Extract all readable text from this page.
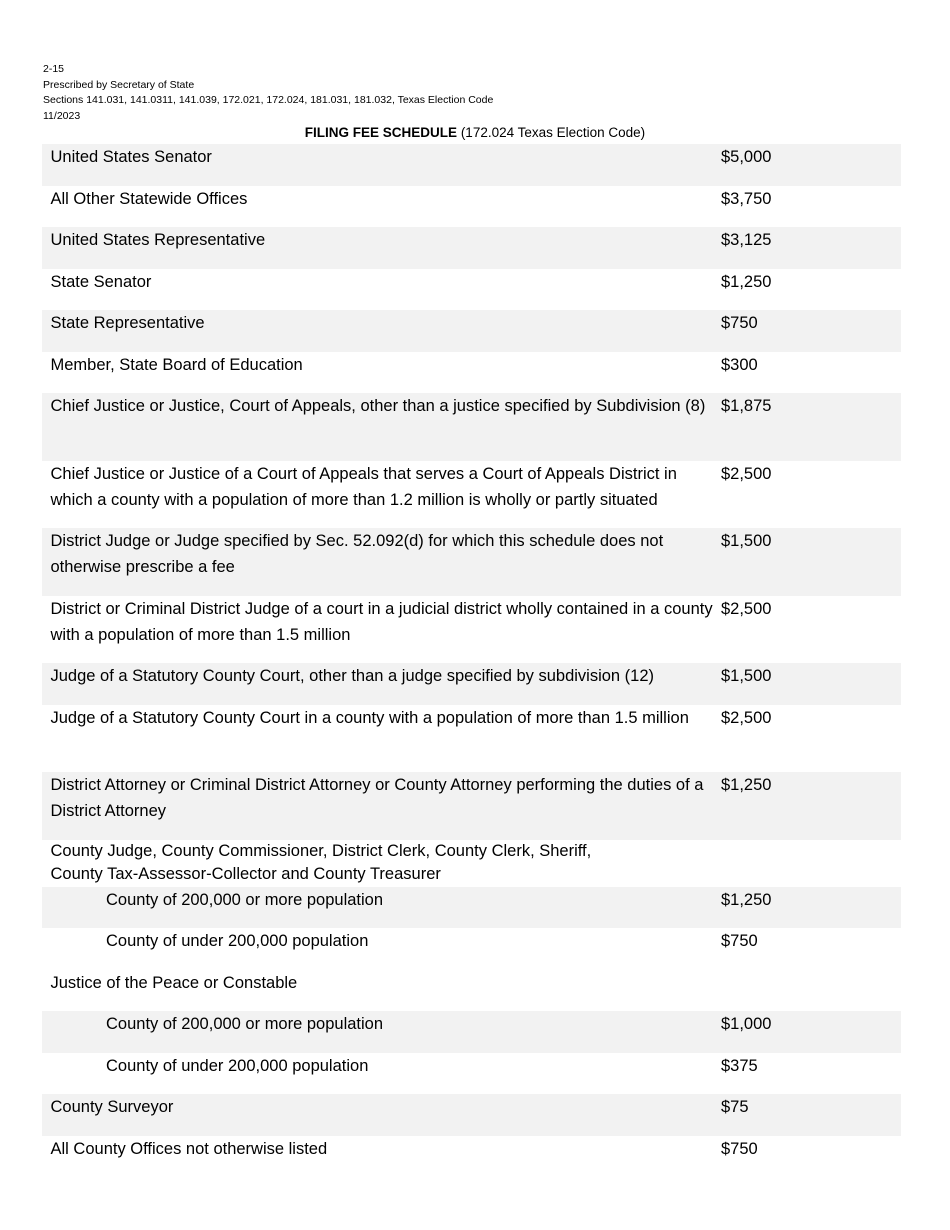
2-15
Prescribed by Secretary of State
Sections 141.031, 141.0311, 141.039, 172.021, 172.024, 181.031, 181.032, Texas Election Code
11/2023
FILING FEE SCHEDULE (172.024 Texas Election Code)
United States Senator	$5,000
All Other Statewide Offices	$3,750
United States Representative	$3,125
State Senator	$1,250
State Representative	$750
Member, State Board of Education	$300
Chief Justice or Justice, Court of Appeals, other than a justice specified by Subdivision (8) $1,875
Chief Justice or Justice of a Court of Appeals that serves a Court of Appeals District in which a county with a population of more than 1.2 million is wholly or partly situated
$2,500
District Judge or Judge specified by Sec. 52.092(d) for which this schedule does not otherwise prescribe a fee
$1,500
District or Criminal District Judge of a court in a judicial district wholly contained in a county with a population of more than 1.5 million
$2,500
Judge of a Statutory County Court, other than a judge specified by subdivision (12)	$1,500
Judge of a Statutory County Court in a county with a population of more than 1.5 million	$2,500
District Attorney or Criminal District Attorney or County Attorney performing the duties of a District Attorney
$1,250
County Judge, County Commissioner, District Clerk, County Clerk, Sheriff,
County Tax-Assessor-Collector and County Treasurer
County of 200,000 or more population	$1,250
County of under 200,000 population	$750
Justice of the Peace or Constable
County of 200,000 or more population	$1,000
County of under 200,000 population	$375
County Surveyor	$75
All County Offices not otherwise listed	$750
